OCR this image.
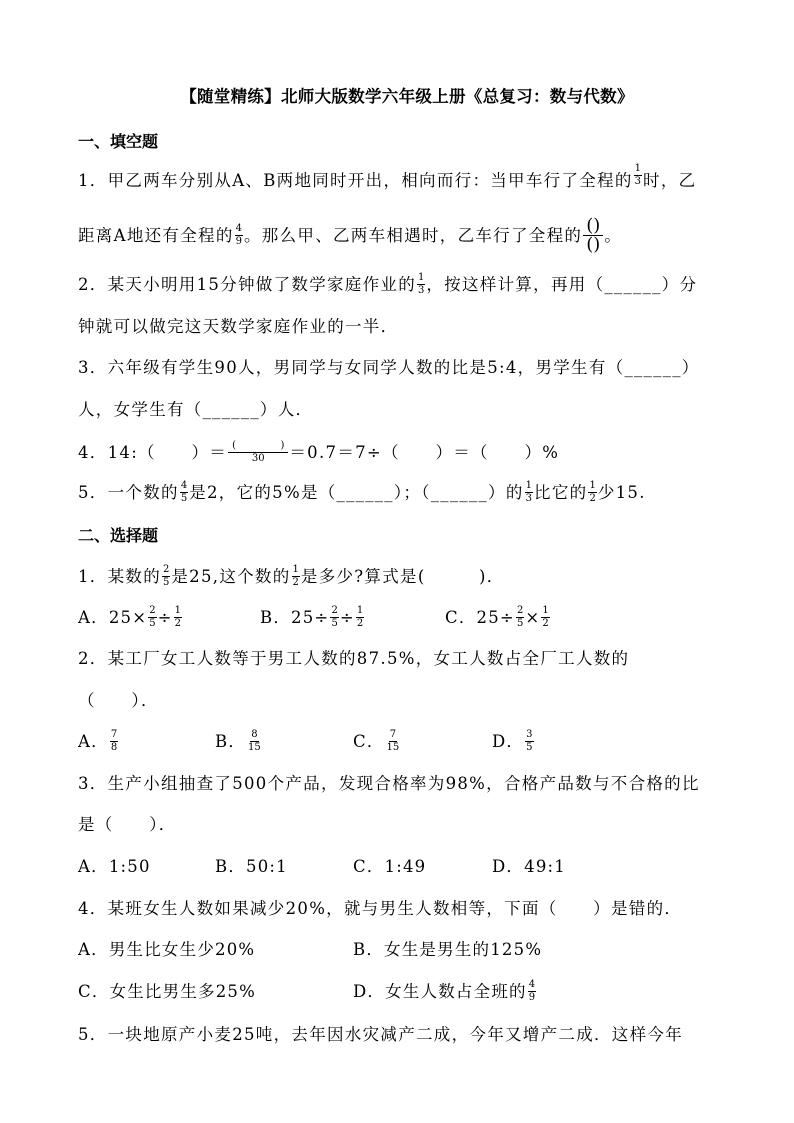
【随堂精练】北师大版数学六年级上册《总复习：数与代数》
一、填空题
1．甲乙两车分别从A、B两地同时开出，相向而行：当甲车行了全程的 $\frac{1}{3}$ 时，乙
距离A地还有全程的 $\frac{4}{9}$ 。那么甲、乙两车相遇时，乙车行了全程的 $\frac{()}{()}$ 。
2．某天小明用15分钟做了数学家庭作业的 $\frac{1}{3}$ ，按这样计算，再用（______）分
钟就可以做完这天数学家庭作业的一半．
3．六年级有学生90人，男同学与女同学人数的比是5:4，男学生有（______）
人，女学生有（______）人．
4．14:（　　）＝ $\frac{( )}{30} =0.7=7\div$（　　）＝（　　）%
5．一个数的 $\frac{4}{5}$ 是2，它的5%是（______）；（______）的 $\frac{1}{3}$ 比它的 $\frac{1}{2}$ 少15.
二、选择题
1．某数的 $\frac{2}{5}$ 是25,这个数的 $\frac{1}{2}$ 是多少?算式是(　　　)．
A．$25\times \frac{2}{5} \div \frac{1}{2}$	B．$25\div \frac{2}{5} \div \frac{1}{2}$	C．$25\div \frac{2}{5} \times \frac{1}{2}$
2．某工厂女工人数等于男工人数的87.5%，女工人数占全厂工人数的
（　　）．
A． $\frac{7}{8}$	B． $\frac{8}{15}$	C． $\frac{7}{15}$	D． $\frac{3}{5}$
3．生产小组抽查了500个产品，发现合格率为98%，合格产品数与不合格的比
是（　　）．
A．1:50	B．50:1	C．1:49	D．49:1
4．某班女生人数如果减少20%，就与男生人数相等，下面（　　）是错的．
A．男生比女生少20%	B．女生是男生的125%
C．女生比男生多25%	D．女生人数占全班的 $\frac{4}{9}$
5．一块地原产小麦25吨，去年因水灾减产二成，今年又增产二成．这样今年
